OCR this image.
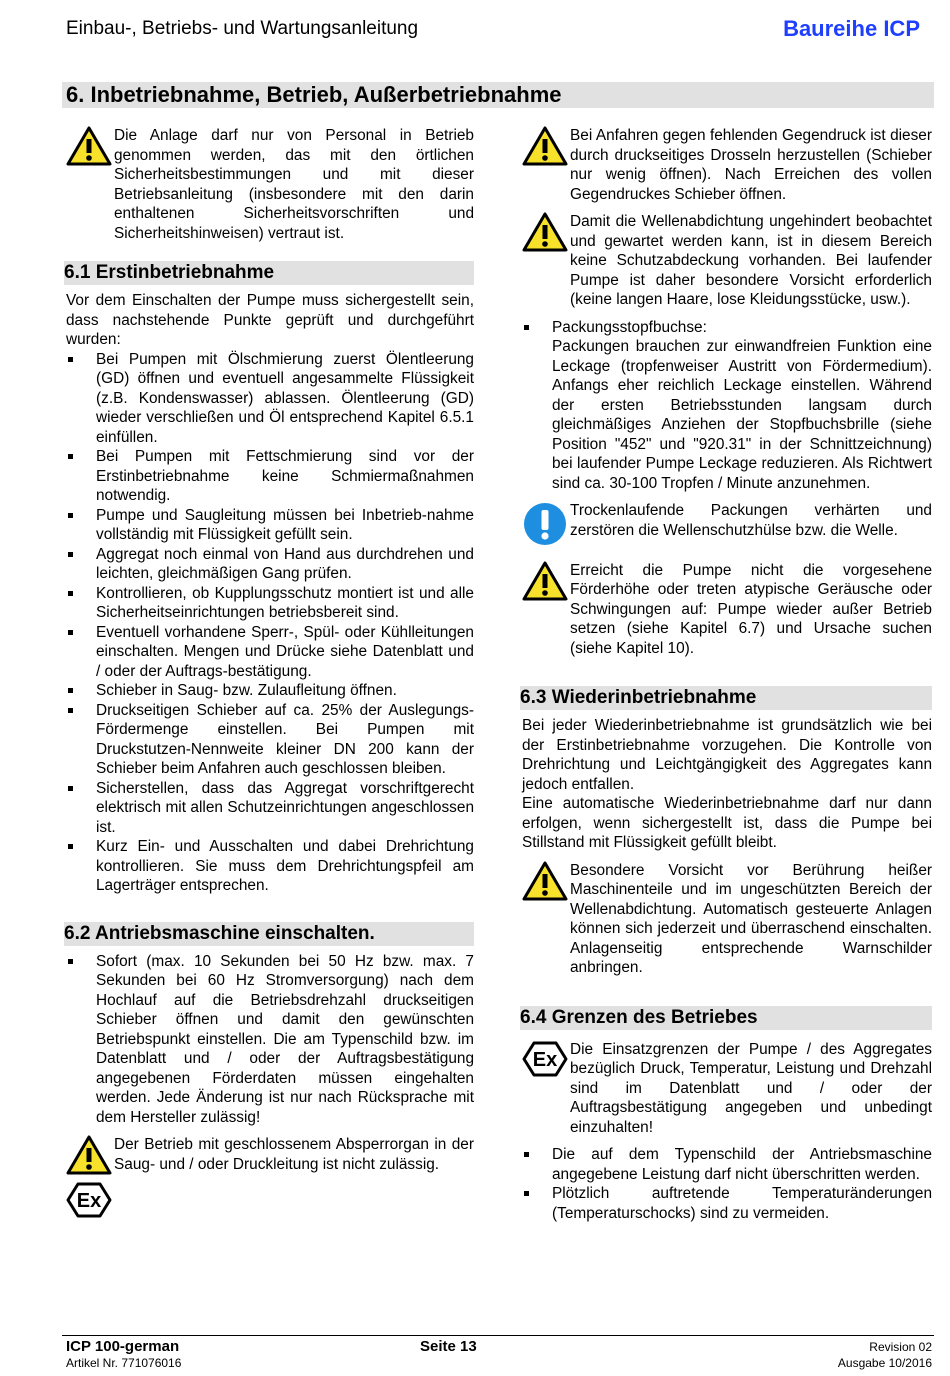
Einbau-, Betriebs- und Wartungsanleitung	Baureihe ICP
6. Inbetriebnahme, Betrieb, Außerbetriebnahme
Die Anlage darf nur von Personal in Betrieb genommen werden, das mit den örtlichen Sicherheitsbestimmungen und mit dieser Betriebsanleitung (insbesondere mit den darin enthaltenen Sicherheitsvorschriften und Sicherheitshinweisen) vertraut ist.
6.1 Erstinbetriebnahme

Vor dem Einschalten der Pumpe muss sichergestellt sein, dass nachstehende Punkte geprüft und durchgeführt wurden:

Bei Pumpen mit Ölschmierung zuerst Ölentleerung (GD) öffnen und eventuell angesammelte Flüssigkeit (z.B. Kondenswasser) ablassen. Ölentleerung (GD) wieder verschließen und Öl entsprechend Kapitel 6.5.1 einfüllen.
Bei Pumpen mit Fettschmierung sind vor der Erstinbetriebnahme keine Schmiermaßnahmen notwendig.
Pumpe und Saugleitung müssen bei Inbetrieb-nahme vollständig mit Flüssigkeit gefüllt sein.
Aggregat noch einmal von Hand aus durchdrehen und leichten, gleichmäßigen Gang prüfen.
Kontrollieren, ob Kupplungsschutz montiert ist und alle Sicherheitseinrichtungen betriebsbereit sind.
Eventuell vorhandene Sperr-, Spül- oder Kühlleitungen einschalten. Mengen und Drücke siehe Datenblatt und / oder der Auftrags-bestätigung.
Schieber in Saug- bzw. Zulaufleitung öffnen.
Druckseitigen Schieber auf ca. 25% der Auslegungs-Fördermenge einstellen. Bei Pumpen mit Druckstutzen-Nennweite kleiner DN 200 kann der Schieber beim Anfahren auch geschlossen bleiben.
Sicherstellen, dass das Aggregat vorschriftgerecht elektrisch mit allen Schutzeinrichtungen angeschlossen ist.
Kurz Ein- und Ausschalten und dabei Drehrichtung kontrollieren. Sie muss dem Drehrichtungspfeil am Lagerträger entsprechen.
6.2 Antriebsmaschine einschalten.
Sofort (max. 10 Sekunden bei 50 Hz bzw. max. 7 Sekunden bei 60 Hz Stromversorgung) nach dem Hochlauf auf die Betriebsdrehzahl druckseitigen Schieber öffnen und damit den gewünschten Betriebspunkt einstellen. Die am Typenschild bzw. im Datenblatt und / oder der Auftragsbestätigung angegebenen Förderdaten müssen eingehalten werden. Jede Änderung ist nur nach Rücksprache mit dem Hersteller zulässig!
Ex
Der Betrieb mit geschlossenem Absperrorgan in der Saug- und / oder Druckleitung ist nicht zulässig.
Bei Anfahren gegen fehlenden Gegendruck ist dieser durch druckseitiges Drosseln herzustellen (Schieber nur wenig öffnen). Nach Erreichen des vollen Gegendruckes Schieber öffnen.
Damit die Wellenabdichtung ungehindert beobachtet und gewartet werden kann, ist in diesem Bereich keine Schutzabdeckung vorhanden. Bei laufender Pumpe ist daher besondere Vorsicht erforderlich (keine langen Haare, lose Kleidungsstücke, usw.).
Packungsstopfbuchse:
Packungen brauchen zur einwandfreien Funktion eine Leckage (tropfenweiser Austritt von Fördermedium). Anfangs eher reichlich Leckage einstellen. Während der ersten Betriebsstunden langsam durch gleichmäßiges Anziehen der Stopfbuchsbrille (siehe Position "452" und "920.31" in der Schnittzeichnung) bei laufender Pumpe Leckage reduzieren. Als Richtwert sind ca. 30-100 Tropfen / Minute anzunehmen.
Trockenlaufende Packungen verhärten und zerstören die Wellenschutzhülse bzw. die Welle.
Erreicht die Pumpe nicht die vorgesehene Förderhöhe oder treten atypische Geräusche oder Schwingungen auf: Pumpe wieder außer Betrieb setzen (siehe Kapitel 6.7) und Ursache suchen (siehe Kapitel 10).
6.3 Wiederinbetriebnahme

Bei jeder Wiederinbetriebnahme ist grundsätzlich wie bei der Erstinbetriebnahme vorzugehen. Die Kontrolle von Drehrichtung und Leichtgängigkeit des Aggregates kann jedoch entfallen.

Eine automatische Wiederinbetriebnahme darf nur dann erfolgen, wenn sichergestellt ist, dass die Pumpe bei Stillstand mit Flüssigkeit gefüllt bleibt.

Besondere Vorsicht vor Berührung heißer Maschinenteile und im ungeschützten Bereich der Wellenabdichtung. Automatisch gesteuerte Anlagen können sich jederzeit und überraschend einschalten. Anlagenseitig entsprechende Warnschilder anbringen.
6.4 Grenzen des Betriebes
Ex Die Einsatzgrenzen der Pumpe / des Aggregates bezüglich Druck, Temperatur, Leistung und Drehzahl sind im Datenblatt und / oder der Auftragsbestätigung angegeben und unbedingt einzuhalten!
Die auf dem Typenschild der Antriebsmaschine angegebene Leistung darf nicht überschritten werden.
Plötzlich auftretende Temperaturänderungen (Temperaturschocks) sind zu vermeiden.
ICP 100-german
Artikel Nr. 771076016
Seite 13	Revision 02
Ausgabe 10/2016
